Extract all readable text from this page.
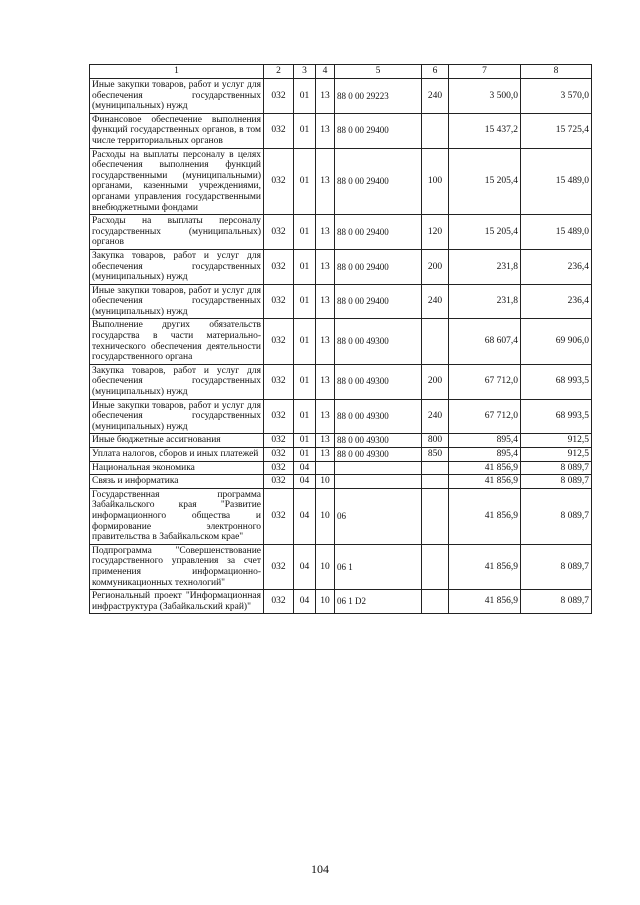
1	2	3	4	5	6	7	8
Иные закупки товаров, работ и услуг для обеспечения государственных (муниципальных) нужд	032	01	13	88 0 00 29223	240	3 500,0	3 570,0
Финансовое обеспечение выполнения функций государственных органов, в том числе территориальных органов	032	01	13	88 0 00 29400		15 437,2	15 725,4
Расходы на выплаты персоналу в целях обеспечения выполнения функций государственными (муниципальными) органами, казенными учреждениями, органами управления государственными внебюджетными фондами	032	01	13	88 0 00 29400	100	15 205,4	15 489,0
Расходы на выплаты персоналу государственных (муниципальных) органов	032	01	13	88 0 00 29400	120	15 205,4	15 489,0
Закупка товаров, работ и услуг для обеспечения государственных (муниципальных) нужд	032	01	13	88 0 00 29400	200	231,8	236,4
Иные закупки товаров, работ и услуг для обеспечения государственных (муниципальных) нужд	032	01	13	88 0 00 29400	240	231,8	236,4
Выполнение других обязательств государства в части материально-технического обеспечения деятельности государственного органа	032	01	13	88 0 00 49300		68 607,4	69 906,0
Закупка товаров, работ и услуг для обеспечения государственных (муниципальных) нужд	032	01	13	88 0 00 49300	200	67 712,0	68 993,5
Иные закупки товаров, работ и услуг для обеспечения государственных (муниципальных) нужд	032	01	13	88 0 00 49300	240	67 712,0	68 993,5
Иные бюджетные ассигнования	032	01	13	88 0 00 49300	800	895,4	912,5
Уплата налогов, сборов и иных платежей	032	01	13	88 0 00 49300	850	895,4	912,5
Национальная экономика	032	04				41 856,9	8 089,7
Связь и информатика	032	04	10			41 856,9	8 089,7
Государственная программа Забайкальского края "Развитие информационного общества и формирование электронного правительства в Забайкальском крае"	032	04	10	06		41 856,9	8 089,7
Подпрограмма "Совершенствование государственного управления за счет применения информационно-коммуникационных технологий"	032	04	10	06 1		41 856,9	8 089,7
Региональный проект "Информационная инфраструктура (Забайкальский край)"	032	04	10	06 1 D2		41 856,9	8 089,7
104
